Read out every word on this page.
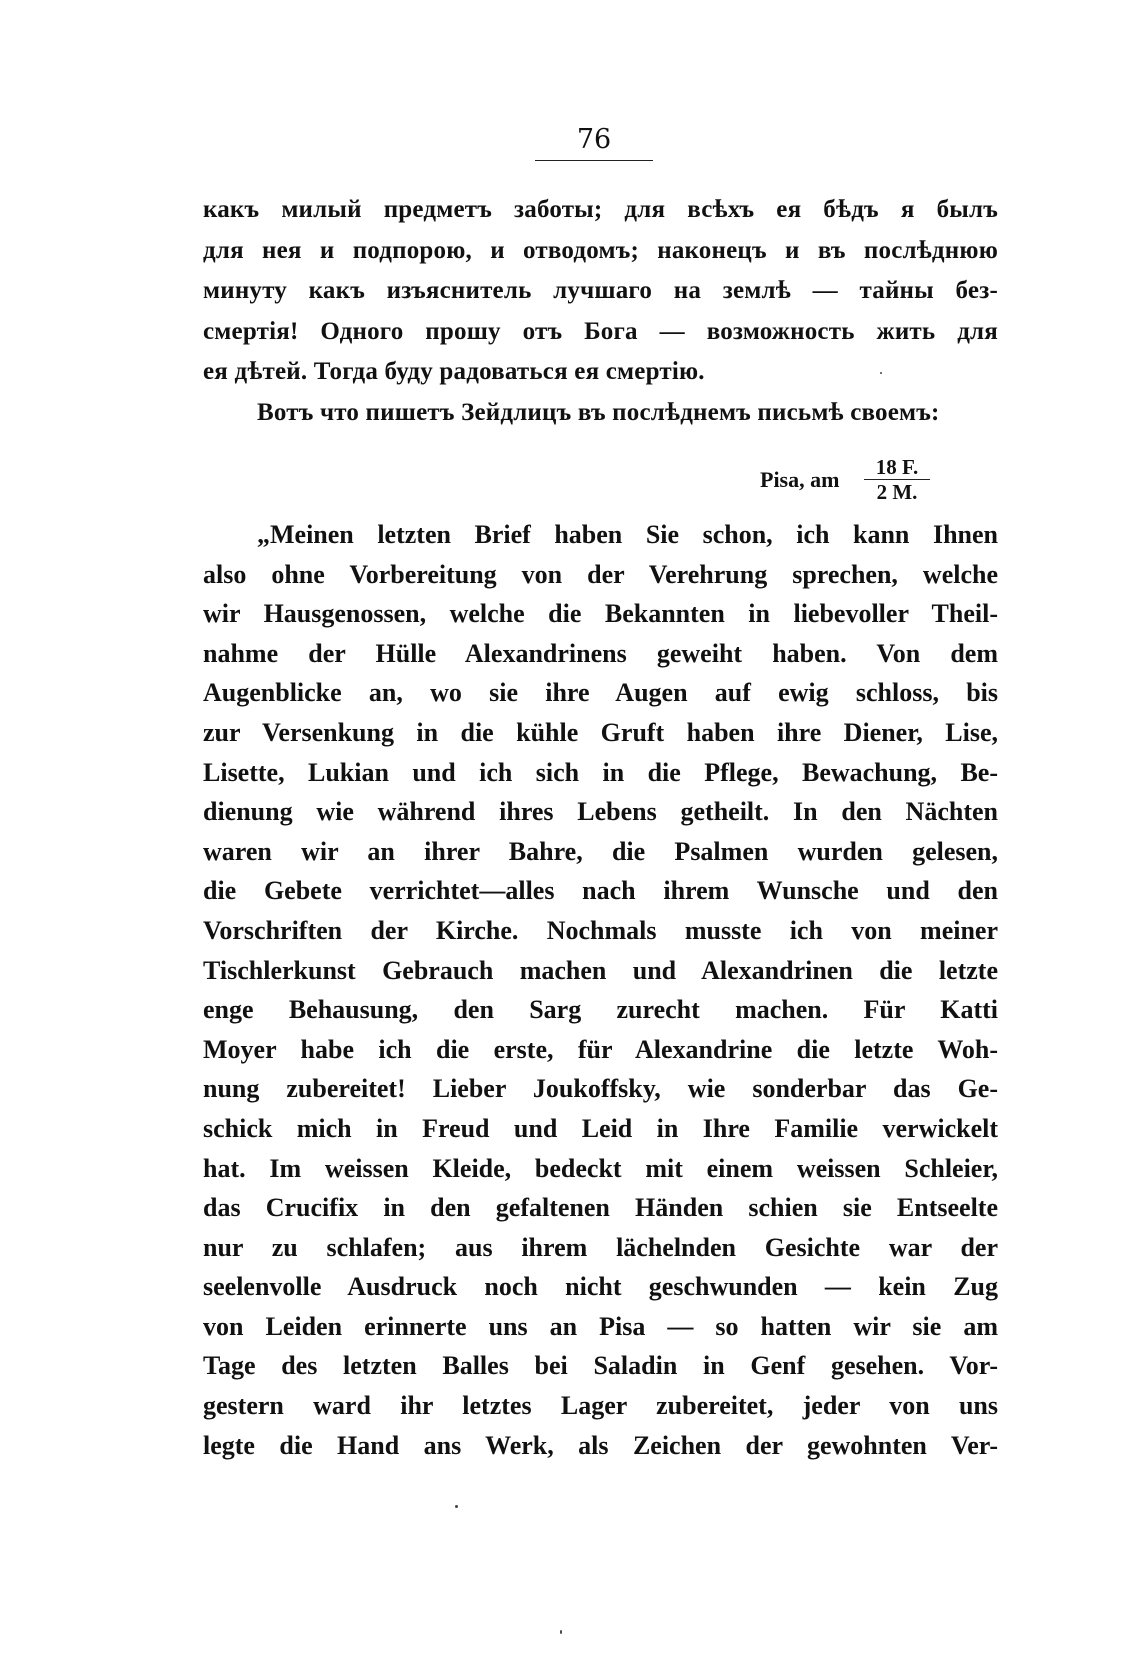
76
какъ милый предметъ заботы; для всѣхъ ея бѣдъ я былъ
для нея и подпорою, и отводомъ; наконецъ и въ послѣднюю
минуту какъ изъяснитель лучшаго на землѣ — тайны без-
смертія! Одного прошу отъ Бога — возможность жить для
ея дѣтей. Тогда буду радоваться ея смертію.
Вотъ что пишетъ Зейдлицъ въ послѣднемъ письмѣ своемъ:
Pisa, am $\frac{18 F.}{2 M.}$
„Meinen letzten Brief haben Sie schon, ich kann Ihnen
also ohne Vorbereitung von der Verehrung sprechen, welche
wir Hausgenossen, welche die Bekannten in liebevoller Theil-
nahme der Hülle Alexandrinens geweiht haben. Von dem
Augenblicke an, wo sie ihre Augen auf ewig schloss, bis
zur Versenkung in die kühle Gruft haben ihre Diener, Lise,
Lisette, Lukian und ich sich in die Pflege, Bewachung, Be-
dienung wie während ihres Lebens getheilt. In den Nächten
waren wir an ihrer Bahre, die Psalmen wurden gelesen,
die Gebete verrichtet—alles nach ihrem Wunsche und den
Vorschriften der Kirche. Nochmals musste ich von meiner
Tischlerkunst Gebrauch machen und Alexandrinen die letzte
enge Behausung, den Sarg zurecht machen. Für Katti
Moyer habe ich die erste, für Alexandrine die letzte Woh-
nung zubereitet! Lieber Joukoffsky, wie sonderbar das Ge-
schick mich in Freud und Leid in Ihre Familie verwickelt
hat. Im weissen Kleide, bedeckt mit einem weissen Schleier,
das Crucifix in den gefaltenen Händen schien sie Entseelte
nur zu schlafen; aus ihrem lächelnden Gesichte war der
seelenvolle Ausdruck noch nicht geschwunden — kein Zug
von Leiden erinnerte uns an Pisa — so hatten wir sie am
Tage des letzten Balles bei Saladin in Genf gesehen. Vor-
gestern ward ihr letztes Lager zubereitet, jeder von uns
legte die Hand ans Werk, als Zeichen der gewohnten Ver-
